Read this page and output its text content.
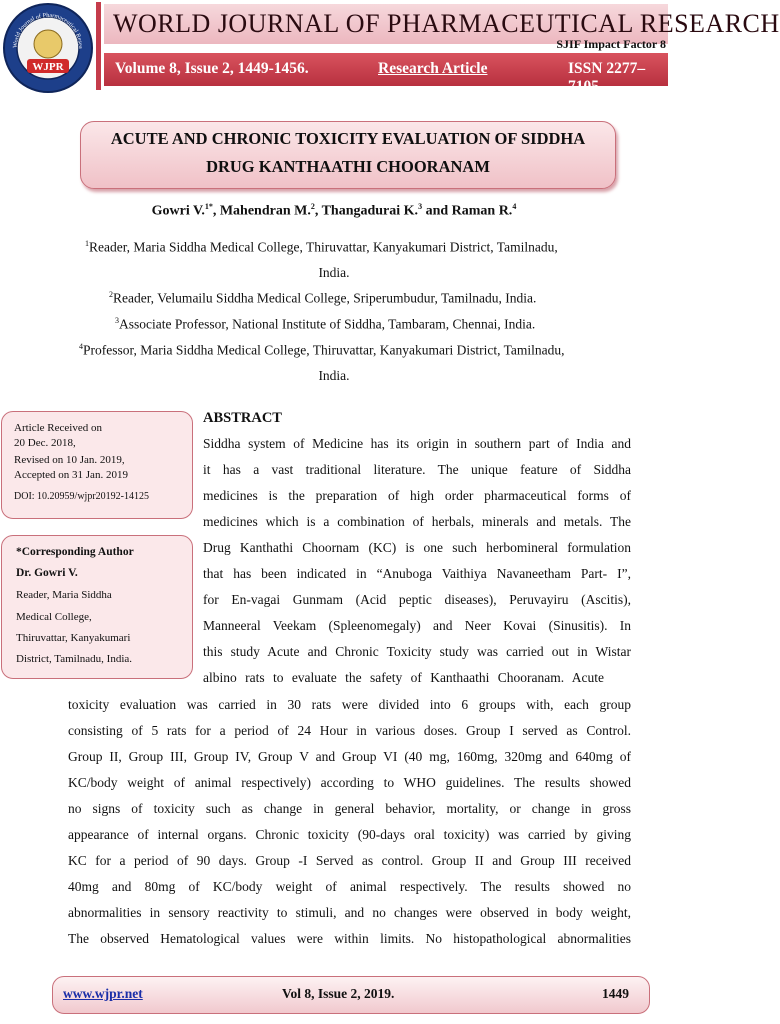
WJPR
World Journal of Pharmaceutical Resea
WORLD JOURNAL OF PHARMACEUTICAL RESEARCH
SJIF Impact Factor 8
Volume 8, Issue 2, 1449-1456.	Research Article	ISSN 2277– 7105
ACUTE AND CHRONIC TOXICITY EVALUATION OF SIDDHA
DRUG KANTHAATHI CHOORANAM
Gowri V.$^{1*}$, Mahendran M.$^2$, Thangadurai K.$^3$ and Raman R.$^4$
$^1$Reader, Maria Siddha Medical College, Thiruvattar, Kanyakumari District, Tamilnadu,
India.
$^2$Reader, Velumailu Siddha Medical College, Sriperumbudur, Tamilnadu, India.
$^3$Associate Professor, National Institute of Siddha, Tambaram, Chennai, India.
$^4$Professor, Maria Siddha Medical College, Thiruvattar, Kanyakumari District, Tamilnadu,
India.
Article Received on
20 Dec. 2018,
Revised on 10 Jan. 2019,
Accepted on 31 Jan. 2019
DOI: 10.20959/wjpr20192-14125
*Corresponding Author
Dr. Gowri V.
Reader, Maria Siddha
Medical College,
Thiruvattar, Kanyakumari
District, Tamilnadu, India.
ABSTRACT
Siddha system of Medicine has its origin in southern part of India and
it has a vast traditional literature. The unique feature of Siddha
medicines is the preparation of high order pharmaceutical forms of
medicines which is a combination of herbals, minerals and metals. The
Drug Kanthathi Choornam (KC) is one such herbomineral formulation
that has been indicated in “Anuboga Vaithiya Navaneetham Part- I”,
for En-vagai Gunmam (Acid peptic diseases), Peruvayiru (Ascitis),
Manneeral Veekam (Spleenomegaly) and Neer Kovai (Sinusitis). In
this study Acute and Chronic Toxicity study was carried out in Wistar
albino rats to evaluate the safety of Kanthaathi Chooranam. Acute
toxicity evaluation was carried in 30 rats were divided into 6 groups with, each group
consisting of 5 rats for a period of 24 Hour in various doses. Group I served as Control.
Group II, Group III, Group IV, Group V and Group VI (40 mg, 160mg, 320mg and 640mg of
KC/body weight of animal respectively) according to WHO guidelines. The results showed
no signs of toxicity such as change in general behavior, mortality, or change in gross
appearance of internal organs. Chronic toxicity (90-days oral toxicity) was carried by giving
KC for a period of 90 days. Group -I Served as control. Group II and Group III received
40mg and 80mg of KC/body weight of animal respectively. The results showed no
abnormalities in sensory reactivity to stimuli, and no changes were observed in body weight,
The observed Hematological values were within limits. No histopathological abnormalities
www.wjpr.net	Vol 8, Issue 2, 2019.	1449
